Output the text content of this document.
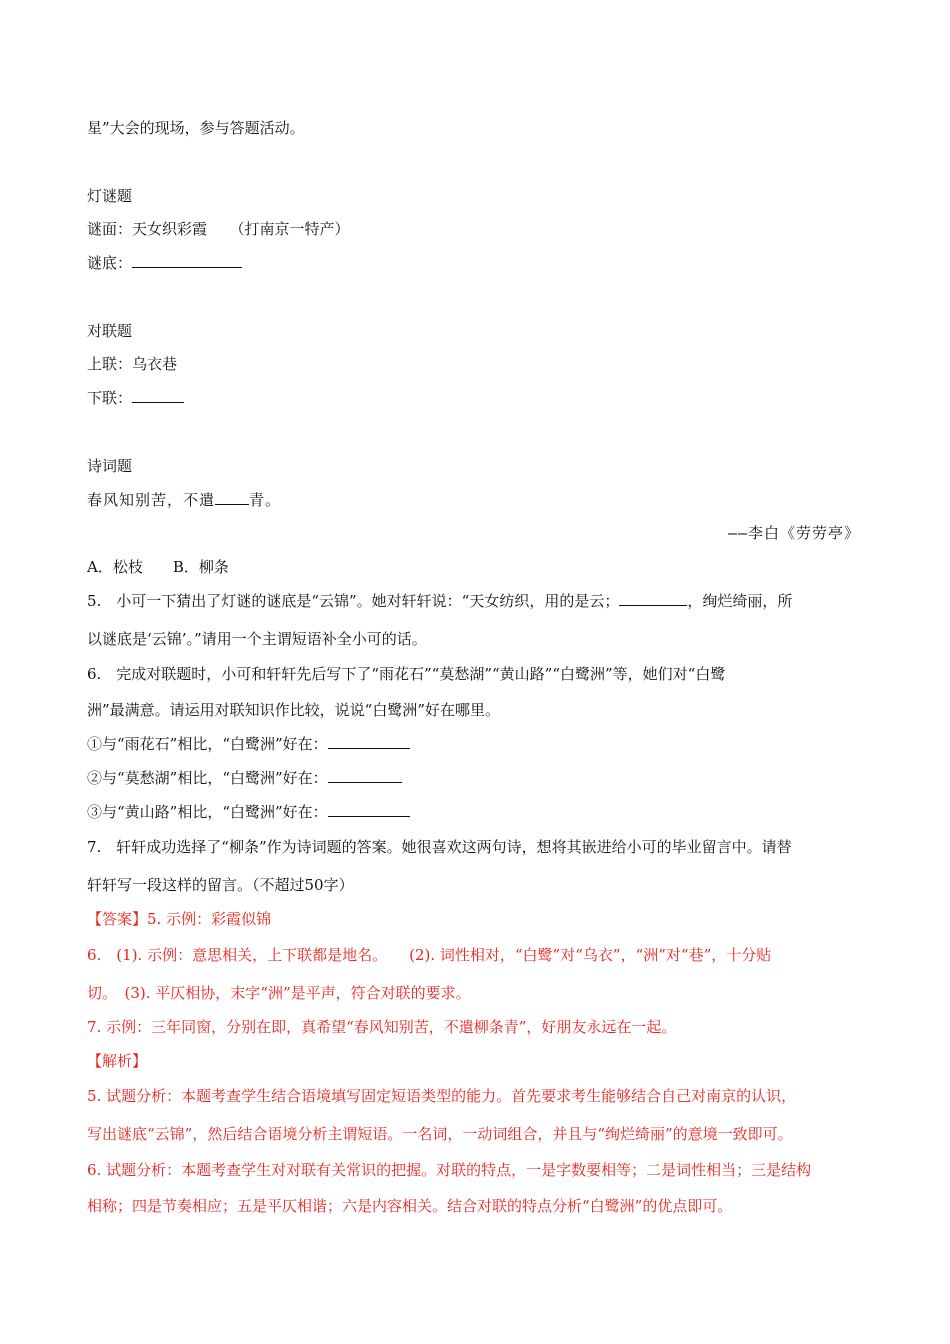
星”大会的现场，参与答题活动。
灯谜题
谜面：天女织彩霞　　（打南京一特产）
谜底：
对联题
上联：乌衣巷
下联：
诗词题
春风知别苦，不遣 青。
——李白《劳劳亭》
A．松枝　　B．柳条
5.　小可一下猜出了灯谜的谜底是“云锦”。她对轩轩说：“天女纺织，用的是云；	，绚烂绮丽，所
以谜底是‘云锦’。”请用一个主谓短语补全小可的话。
6.　完成对联题时，小可和轩轩先后写下了“雨花石”“莫愁湖”“黄山路”“白鹭洲”等，她们对“白鹭
洲”最满意。请运用对联知识作比较，说说“白鹭洲”好在哪里。
①与“雨花石”相比，“白鹭洲”好在：
②与“莫愁湖”相比，“白鹭洲”好在：
③与“黄山路”相比，“白鹭洲”好在：
7.　轩轩成功选择了“柳条”作为诗词题的答案。她很喜欢这两句诗，想将其嵌进给小可的毕业留言中。请替
轩轩写一段这样的留言。（不超过50字）
【答案】5. 示例：彩霞似锦
6.　(1). 示例：意思相关，上下联都是地名。 (2). 词性相对，“白鹭”对“乌衣”，“洲”对“巷”，十分贴
切。　(3). 平仄相协，末字“洲”是平声，符合对联的要求。
7. 示例：三年同窗，分别在即，真希望“春风知别苦，不遣柳条青”，好朋友永远在一起。
【解析】
5. 试题分析：本题考查学生结合语境填写固定短语类型的能力。首先要求考生能够结合自己对南京的认识，
写出谜底“云锦”，然后结合语境分析主谓短语。一名词，一动词组合，并且与“绚烂绮丽”的意境一致即可。
6. 试题分析：本题考查学生对对联有关常识的把握。对联的特点，一是字数要相等；二是词性相当；三是结构
相称；四是节奏相应；五是平仄相谐；六是内容相关。结合对联的特点分析“白鹭洲”的优点即可。
